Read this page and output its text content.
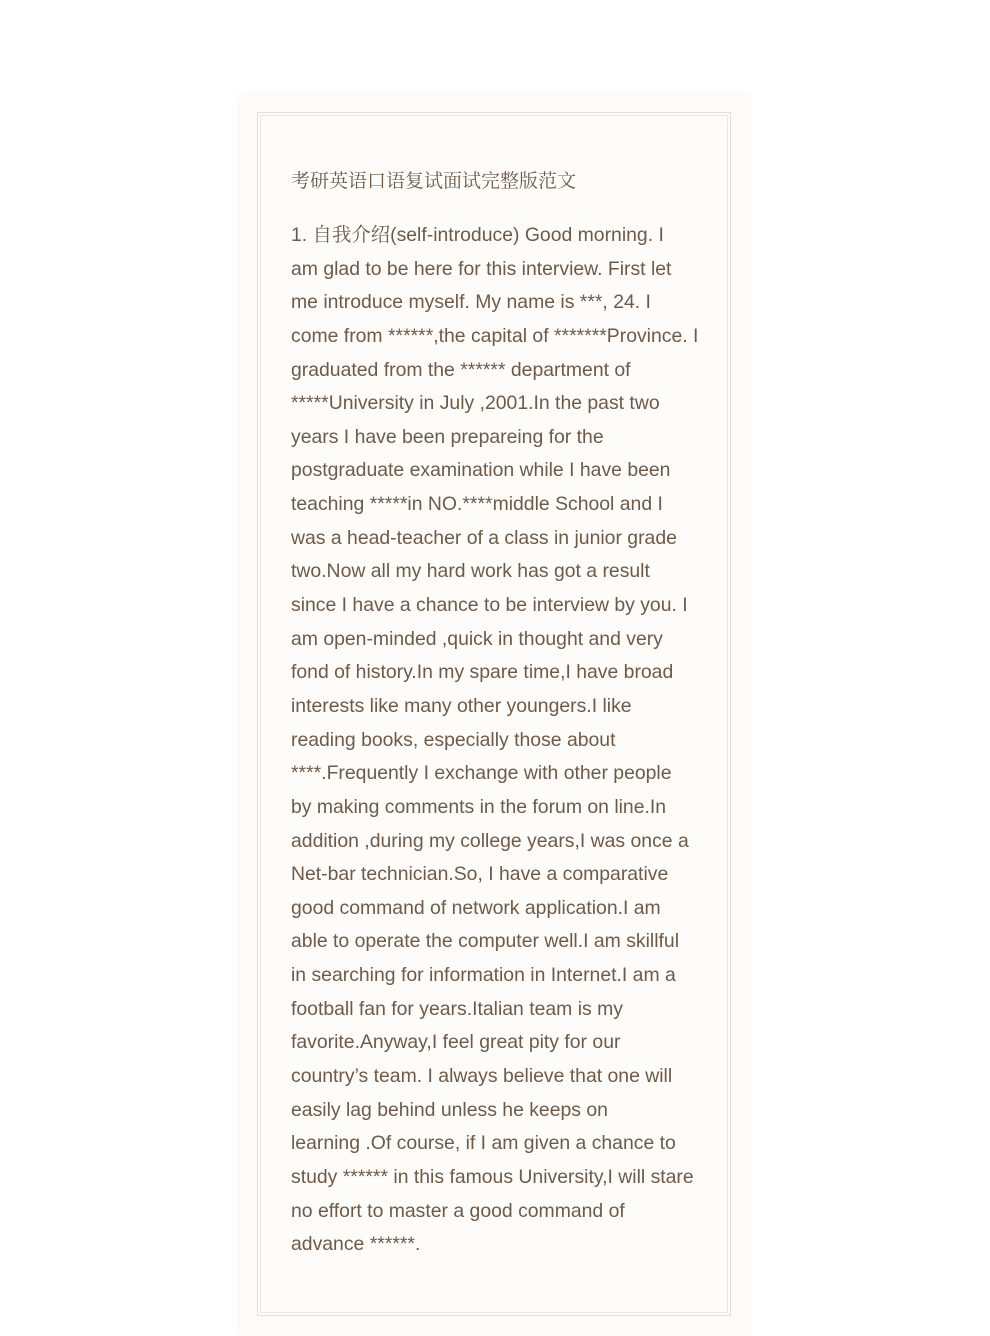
考研英语口语复试面试完整版范文
1. 自我介绍(self-introduce) Good morning. I
am glad to be here for this interview. First let
me introduce myself. My name is ***, 24. I
come from ******,the capital of *******Province. I
graduated from the ****** department of
*****University in July ,2001.In the past two
years I have been prepareing for the
postgraduate examination while I have been
teaching *****in NO.****middle School and I
was a head-teacher of a class in junior grade
two.Now all my hard work has got a result
since I have a chance to be interview by you. I
am open-minded ,quick in thought and very
fond of history.In my spare time,I have broad
interests like many other youngers.I like
reading books, especially those about
****.Frequently I exchange with other people
by making comments in the forum on line.In
addition ,during my college years,I was once a
Net-bar technician.So, I have a comparative
good command of network application.I am
able to operate the computer well.I am skillful
in searching for information in Internet.I am a
football fan for years.Italian team is my
favorite.Anyway,I feel great pity for our
country’s team. I always believe that one will
easily lag behind unless he keeps on
learning .Of course, if I am given a chance to
study ****** in this famous University,I will stare
no effort to master a good command of
advance ******.
